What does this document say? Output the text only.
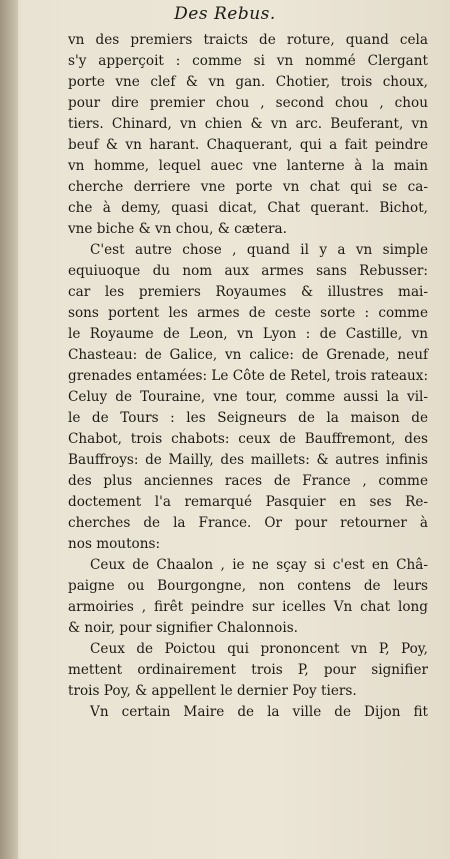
Des Rebus.
vn des premiers traicts de roture, quand cela
s'y apperçoit : comme si vn nommé Clergant
porte vne clef & vn gan. Chotier, trois choux,
pour dire premier chou , second chou , chou
tiers. Chinard, vn chien & vn arc. Beuferant, vn
beuf & vn harant. Chaquerant, qui a fait peindre
vn homme, lequel auec vne lanterne à la main
cherche derriere vne porte vn chat qui se ca-
che à demy, quasi dicat, Chat querant. Bichot,
vne biche & vn chou, & cætera.
C'est autre chose , quand il y a vn simple
equiuoque du nom aux armes sans Rebusser:
car les premiers Royaumes & illustres mai-
sons portent les armes de ceste sorte : comme
le Royaume de Leon, vn Lyon : de Castille, vn
Chasteau: de Galice, vn calice: de Grenade, neuf
grenades entamées: Le Côte de Retel, trois rateaux:
Celuy de Touraine, vne tour, comme aussi la vil-
le de Tours : les Seigneurs de la maison de
Chabot, trois chabots: ceux de Bauffremont, des
Bauffroys: de Mailly, des maillets: & autres infinis
des plus anciennes races de France , comme
doctement l'a remarqué Pasquier en ses Re-
cherches de la France. Or pour retourner à
nos moutons:
Ceux de Chaalon , ie ne sçay si c'est en Châ-
paigne ou Bourgongne, non contens de leurs
armoiries , firêt peindre sur icelles Vn chat long
& noir, pour signifier Chalonnois.
Ceux de Poictou qui prononcent vn P, Poy,
mettent ordinairement trois P, pour signifier
trois Poy, & appellent le dernier Poy tiers.
Vn certain Maire de la ville de Dijon fit
